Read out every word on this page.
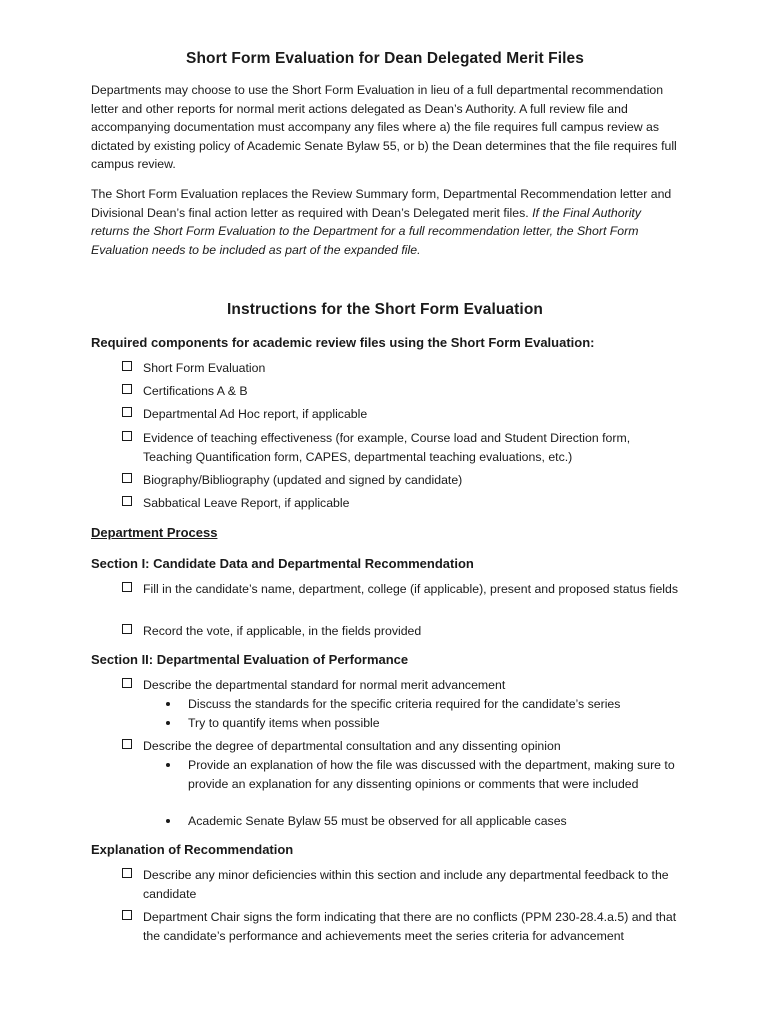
Short Form Evaluation for Dean Delegated Merit Files

Departments may choose to use the Short Form Evaluation in lieu of a full departmental recommendation letter and other reports for normal merit actions delegated as Dean’s Authority. A full review file and accompanying documentation must accompany any files where a) the file requires full campus review as dictated by existing policy of Academic Senate Bylaw 55, or b) the Dean determines that the file requires full campus review.

The Short Form Evaluation replaces the Review Summary form, Departmental Recommendation letter and Divisional Dean’s final action letter as required with Dean’s Delegated merit files. If the Final Authority returns the Short Form Evaluation to the Department for a full recommendation letter, the Short Form Evaluation needs to be included as part of the expanded file.

Instructions for the Short Form Evaluation
Required components for academic review files using the Short Form Evaluation:
Short Form Evaluation
Certifications A & B
Departmental Ad Hoc report, if applicable
Evidence of teaching effectiveness (for example, Course load and Student Direction form, Teaching Quantification form, CAPES, departmental teaching evaluations, etc.)
Biography/Bibliography (updated and signed by candidate)
Sabbatical Leave Report, if applicable
Department Process
Section I: Candidate Data and Departmental Recommendation
Fill in the candidate’s name, department, college (if applicable), present and proposed status fields
Record the vote, if applicable, in the fields provided
Section II: Departmental Evaluation of Performance
Describe the departmental standard for normal merit advancement
Discuss the standards for the specific criteria required for the candidate’s series
Try to quantify items when possible
Describe the degree of departmental consultation and any dissenting opinion
Provide an explanation of how the file was discussed with the department, making sure to provide an explanation for any dissenting opinions or comments that were included
Academic Senate Bylaw 55 must be observed for all applicable cases
Explanation of Recommendation
Describe any minor deficiencies within this section and include any departmental feedback to the candidate
Department Chair signs the form indicating that there are no conflicts (PPM 230-28.4.a.5) and that the candidate’s performance and achievements meet the series criteria for advancement
